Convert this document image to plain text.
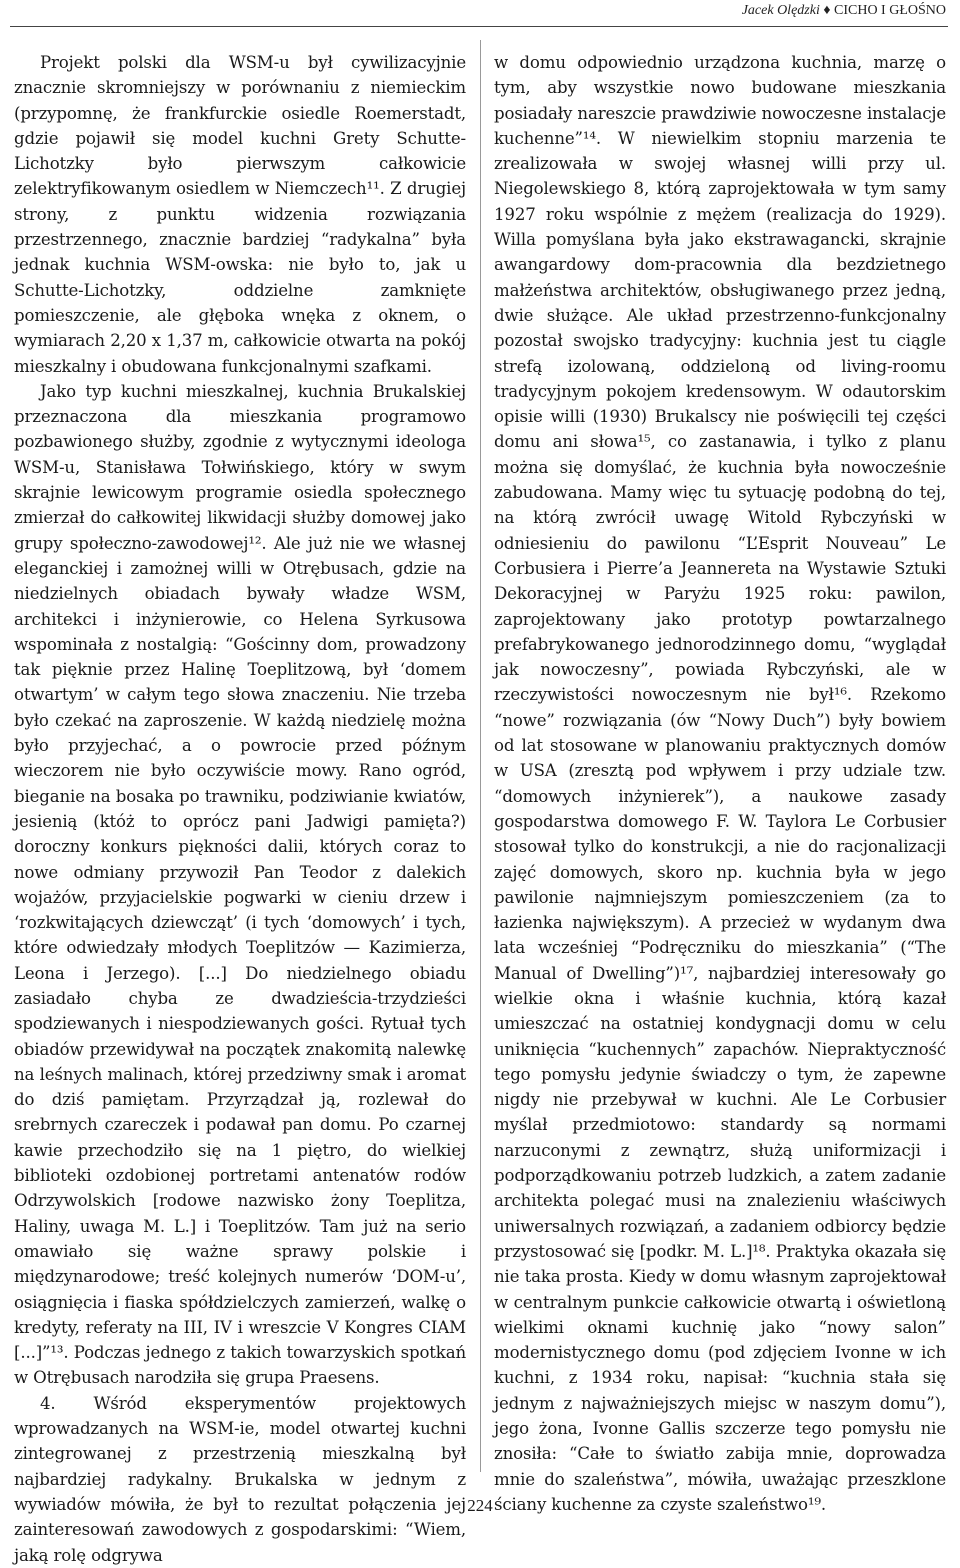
Jacek Olędzki ♦ CICHO I GŁOŚNO

Projekt polski dla WSM-u był cywilizacyjnie znacznie skromniejszy w porównaniu z niemieckim (przypomnę, że frankfurckie osiedle Roemerstadt, gdzie pojawił się model kuchni Grety Schutte-Lichotzky było pierwszym całkowicie zelektryfikowanym osiedlem w Niemczech¹¹. Z drugiej strony, z punktu widzenia rozwiązania przestrzennego, znacznie bardziej “radykalna” była jednak kuchnia WSM-owska: nie było to, jak u Schutte-Lichotzky, oddzielne zamknięte pomieszczenie, ale głęboka wnęka z oknem, o wymiarach 2,20 x 1,37 m, całkowicie otwarta na pokój mieszkalny i obudowana funkcjonalnymi szafkami.

Jako typ kuchni mieszkalnej, kuchnia Brukalskiej przeznaczona dla mieszkania programowo pozbawionego służby, zgodnie z wytycznymi ideologa WSM-u, Stanisława Tołwińskiego, który w swym skrajnie lewicowym programie osiedla społecznego zmierzał do całkowitej likwidacji służby domowej jako grupy społeczno-zawodowej¹². Ale już nie we własnej eleganckiej i zamożnej willi w Otrębusach, gdzie na niedzielnych obiadach bywały władze WSM, architekci i inżynierowie, co Helena Syrkusowa wspominała z nostalgią: “Gościnny dom, prowadzony tak pięknie przez Halinę Toeplitzową, był ‘domem otwartym’ w całym tego słowa znaczeniu. Nie trzeba było czekać na zaproszenie. W każdą niedzielę można było przyjechać, a o powrocie przed późnym wieczorem nie było oczywiście mowy. Rano ogród, bieganie na bosaka po trawniku, podziwianie kwiatów, jesienią (któż to oprócz pani Jadwigi pamięta?) doroczny konkurs piękności dalii, których coraz to nowe odmiany przywoził Pan Teodor z dalekich wojażów, przyjacielskie pogwarki w cieniu drzew i ‘rozkwitających dziewcząt’ (i tych ‘domowych’ i tych, które odwiedzały młodych Toeplitzów — Kazimierza, Leona i Jerzego). [...] Do niedzielnego obiadu zasiadało chyba ze dwadzieścia-trzydzieści spodziewanych i niespodziewanych gości. Rytuał tych obiadów przewidywał na początek znakomitą nalewkę na leśnych malinach, której przedziwny smak i aromat do dziś pamiętam. Przyrządzał ją, rozlewał do srebrnych czareczek i podawał pan domu. Po czarnej kawie przechodziło się na 1 piętro, do wielkiej biblioteki ozdobionej portretami antenatów rodów Odrzywolskich [rodowe nazwisko żony Toeplitza, Haliny, uwaga M. L.] i Toeplitzów. Tam już na serio omawiało się ważne sprawy polskie i międzynarodowe; treść kolejnych numerów ‘DOM-u’, osiągnięcia i fiaska spółdzielczych zamierzeń, walkę o kredyty, referaty na III, IV i wreszcie V Kongres CIAM [...]”¹³. Podczas jednego z takich towarzyskich spotkań w Otrębusach narodziła się grupa Praesens.

4. Wśród eksperymentów projektowych wprowadzanych na WSM-ie, model otwartej kuchni zintegrowanej z przestrzenią mieszkalną był najbardziej radykalny. Brukalska w jednym z wywiadów mówiła, że był to rezultat połączenia jej zainteresowań zawodowych z gospodarskimi: “Wiem, jaką rolę odgrywa

w domu odpowiednio urządzona kuchnia, marzę o tym, aby wszystkie nowo budowane mieszkania posiadały nareszcie prawdziwie nowoczesne instalacje kuchenne”¹⁴. W niewielkim stopniu marzenia te zrealizowała w swojej własnej willi przy ul. Niegolewskiego 8, którą zaprojektowała w tym samy 1927 roku wspólnie z mężem (realizacja do 1929). Willa pomyślana była jako ekstrawagancki, skrajnie awangardowy dom-pracownia dla bezdzietnego małżeństwa architektów, obsługiwanego przez jedną, dwie służące. Ale układ przestrzenno-funkcjonalny pozostał swojsko tradycyjny: kuchnia jest tu ciągle strefą izolowaną, oddzieloną od living-roomu tradycyjnym pokojem kredensowym. W odautorskim opisie willi (1930) Brukalscy nie poświęcili tej części domu ani słowa¹⁵, co zastanawia, i tylko z planu można się domyślać, że kuchnia była nowocześnie zabudowana. Mamy więc tu sytuację podobną do tej, na którą zwrócił uwagę Witold Rybczyński w odniesieniu do pawilonu “L’Esprit Nouveau” Le Corbusiera i Pierre’a Jeannereta na Wystawie Sztuki Dekoracyjnej w Paryżu 1925 roku: pawilon, zaprojektowany jako prototyp powtarzalnego prefabrykowanego jednorodzinnego domu, “wyglądał jak nowoczesny”, powiada Rybczyński, ale w rzeczywistości nowoczesnym nie był¹⁶. Rzekomo “nowe” rozwiązania (ów “Nowy Duch”) były bowiem od lat stosowane w planowaniu praktycznych domów w USA (zresztą pod wpływem i przy udziale tzw. “domowych inżynierek”), a naukowe zasady gospodarstwa domowego F. W. Taylora Le Corbusier stosował tylko do konstrukcji, a nie do racjonalizacji zajęć domowych, skoro np. kuchnia była w jego pawilonie najmniejszym pomieszczeniem (za to łazienka największym). A przecież w wydanym dwa lata wcześniej “Podręczniku do mieszkania” (“The Manual of Dwelling”)¹⁷, najbardziej interesowały go wielkie okna i właśnie kuchnia, którą kazał umieszczać na ostatniej kondygnacji domu w celu uniknięcia “kuchennych” zapachów. Niepraktyczność tego pomysłu jedynie świadczy o tym, że zapewne nigdy nie przebywał w kuchni. Ale Le Corbusier myślał przedmiotowo: standardy są normami narzuconymi z zewnątrz, służą uniformizacji i podporządkowaniu potrzeb ludzkich, a zatem zadanie architekta polegać musi na znalezieniu właściwych uniwersalnych rozwiązań, a zadaniem odbiorcy będzie przystosować się [podkr. M. L.]¹⁸. Praktyka okazała się nie taka prosta. Kiedy w domu własnym zaprojektował w centralnym punkcie całkowicie otwartą i oświetloną wielkimi oknami kuchnię jako “nowy salon” modernistycznego domu (pod zdjęciem Ivonne w ich kuchni, z 1934 roku, napisał: “kuchnia stała się jednym z najważniejszych miejsc w naszym domu”), jego żona, Ivonne Gallis szczerze tego pomysłu nie znosiła: “Całe to światło zabija mnie, doprowadza mnie do szaleństwa”, mówiła, uważając przeszklone ściany kuchenne za czyste szaleństwo¹⁹.

224
